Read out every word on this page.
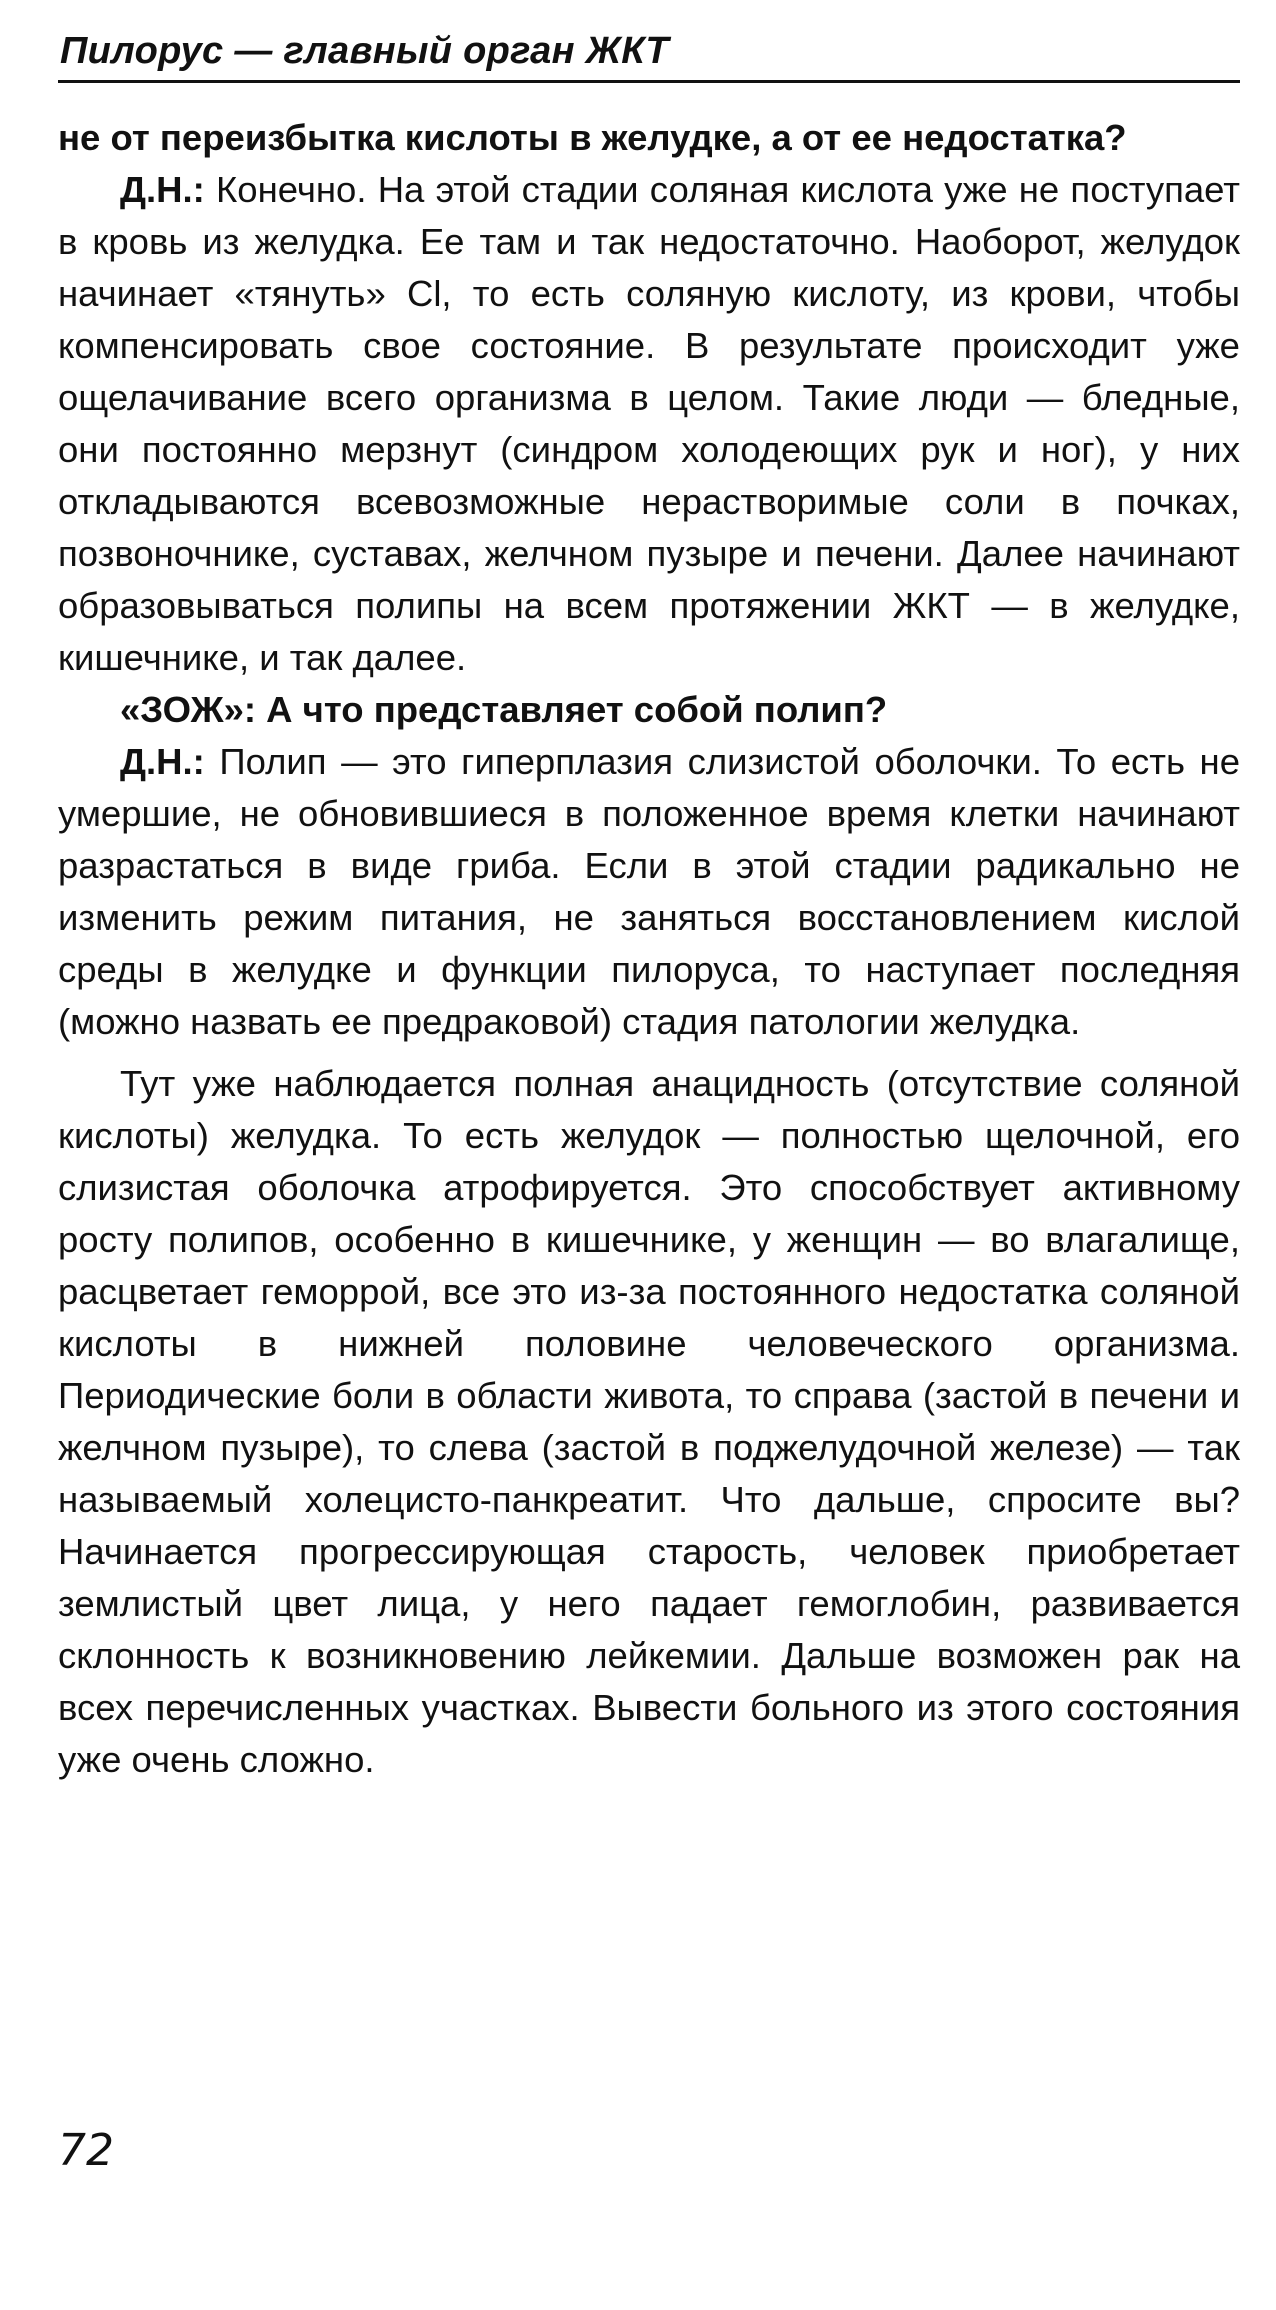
Пилорус — главный орган ЖКТ

не от переизбытка кислоты в желудке, а от ее недостатка?

Д.Н.: Конечно. На этой стадии соляная кислота уже не поступает в кровь из желудка. Ее там и так недостаточно. Наоборот, желудок начинает «тянуть» Cl, то есть соляную кислоту, из крови, чтобы компенсировать свое состояние. В результате происходит уже ощелачивание всего организма в целом. Такие люди — бледные, они постоянно мерзнут (синдром холодеющих рук и ног), у них откладываются всевозможные нерастворимые соли в почках, позвоночнике, суставах, желчном пузыре и печени. Далее начинают образовываться полипы на всем протяжении ЖКТ — в желудке, кишечнике, и так далее.

«ЗОЖ»: А что представляет собой полип?

Д.Н.: Полип — это гиперплазия слизистой оболочки. То есть не умершие, не обновившиеся в положенное время клетки начинают разрастаться в виде гриба. Если в этой стадии радикально не изменить режим питания, не заняться восстановлением кислой среды в желудке и функции пилоруса, то наступает последняя (можно назвать ее предраковой) стадия патологии желудка.

Тут уже наблюдается полная анацидность (отсутствие соляной кислоты) желудка. То есть желудок — полностью щелочной, его слизистая оболочка атрофируется. Это способствует активному росту полипов, особенно в кишечнике, у женщин — во влагалище, расцветает геморрой, все это из-за постоянного недостатка соляной кислоты в нижней половине человеческого организма. Периодические боли в области живота, то справа (застой в печени и желчном пузыре), то слева (застой в поджелудочной железе) — так называемый холецисто-панкреатит. Что дальше, спросите вы? Начинается прогрессирующая старость, человек приобретает землистый цвет лица, у него падает гемоглобин, развивается склонность к возникновению лейкемии. Дальше возможен рак на всех перечисленных участках. Вывести больного из этого состояния уже очень сложно.

72
